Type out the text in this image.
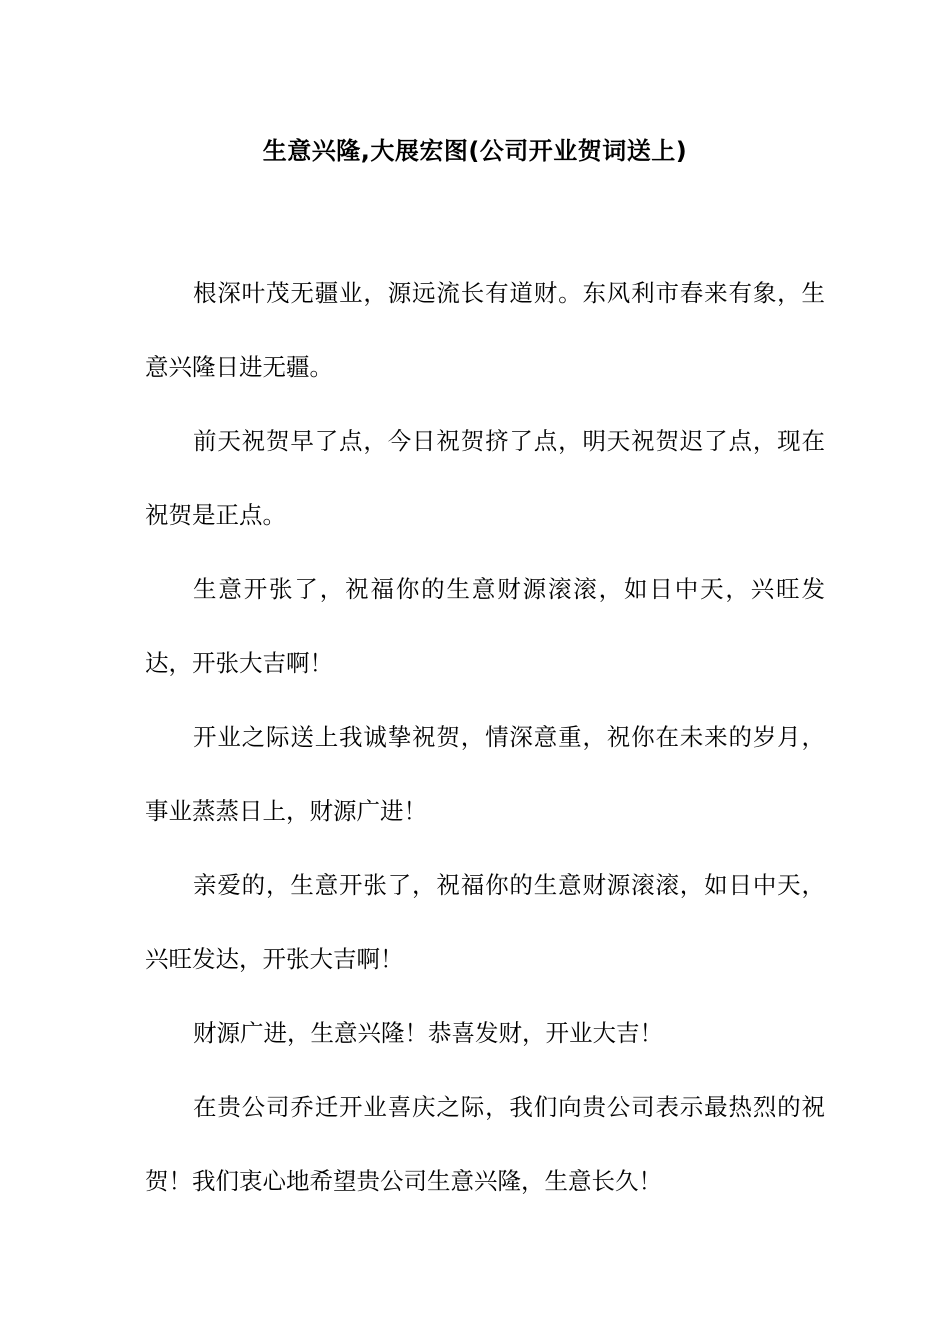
生意兴隆,大展宏图(公司开业贺词送上)

根深叶茂无疆业，源远流长有道财。东风利市春来有象，生意兴隆日进无疆。

前天祝贺早了点，今日祝贺挤了点，明天祝贺迟了点，现在祝贺是正点。

生意开张了，祝福你的生意财源滚滚，如日中天，兴旺发达，开张大吉啊！

开业之际送上我诚挚祝贺，情深意重，祝你在未来的岁月，事业蒸蒸日上，财源广进！

亲爱的，生意开张了，祝福你的生意财源滚滚，如日中天，兴旺发达，开张大吉啊！

财源广进，生意兴隆！恭喜发财，开业大吉！

在贵公司乔迁开业喜庆之际，我们向贵公司表示最热烈的祝贺！我们衷心地希望贵公司生意兴隆，生意长久！
